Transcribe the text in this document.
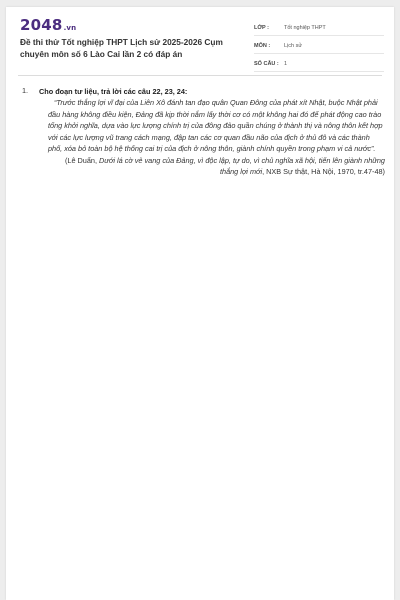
2048.vn
Đề thi thử Tốt nghiệp THPT Lịch sử 2025-2026 Cụm chuyên môn số 6 Lào Cai lần 2 có đáp án
LỚP :	Tốt nghiệp THPT
MÔN :	Lịch sử
SỐ CÂU : 1
1. Cho đoạn tư liệu, trả lời các câu 22, 23, 24:
“Trước thắng lợi vĩ đại của Liên Xô đánh tan đạo quân Quan Đông của phát xít Nhật, buộc Nhật phải đầu hàng không điều kiện, Đảng đã kịp thời nắm lấy thời cơ có một không hai đó để phát động cao trào tổng khởi nghĩa, dựa vào lực lượng chính trị của đông đảo quần chúng ở thành thị và nông thôn kết hợp với các lực lượng vũ trang cách mạng, đập tan các cơ quan đầu não của địch ở thủ đô và các thành phố, xóa bỏ toàn bộ hệ thống cai trị của địch ở nông thôn, giành chính quyền trong phạm vi cả nước”.
(Lê Duẩn, Dưới lá cờ vẻ vang của Đảng, vì độc lập, tự do, vì chủ nghĩa xã hội, tiến lên giành những thắng lợi mới, NXB Sự thật, Hà Nội, 1970, tr.47-48)
